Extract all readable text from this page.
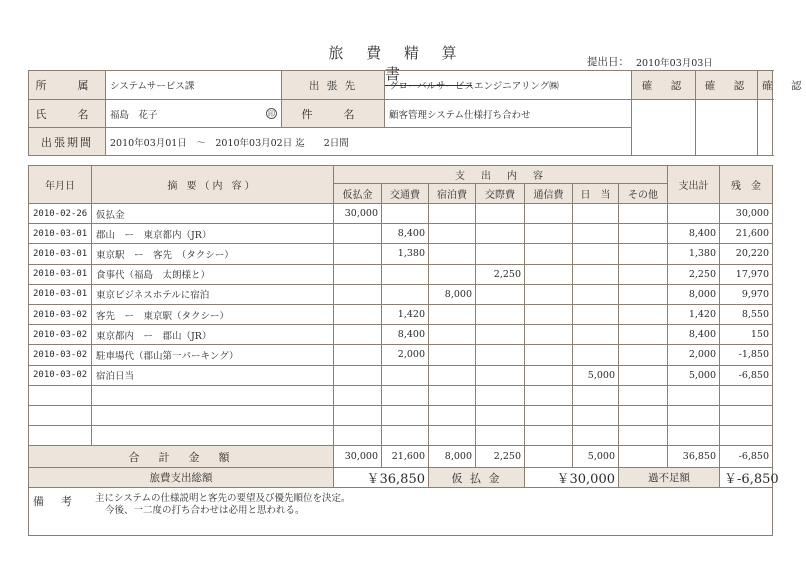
旅 費 精 算 書
提出日： 2010年03月03日
所　属	システムサービス課	出 張 先	グローバルサービスエンジニアリング㈱	確　認	確　認	確　認
氏　名	福島　花子 印	件　名	顧客管理システム仕様打ち合わせ			
出張期間	2010年03月01日　～　2010年03月02日 迄　　2日間					
年月日	摘 要（内 容）	支　出　内　容							支出計	残　金
		仮払金	交通費	宿泊費	交際費	通信費	日　当	その他		
2010-02-26	仮払金	30,000								30,000
2010-03-01	郡山　ー　東京都内（JR）		8,400						8,400	21,600
2010-03-01	東京駅　ー　客先　（タクシー）		1,380						1,380	20,220
2010-03-01	食事代（福島　太朗様と）				2,250				2,250	17,970
2010-03-01	東京ビジネスホテルに宿泊			8,000					8,000	9,970
2010-03-02	客先　ー　東京駅（タクシー）		1,420						1,420	8,550
2010-03-02	東京都内　ー　郡山（JR）		8,400						8,400	150
2010-03-02	駐車場代（郡山第一パーキング）		2,000						2,000	-1,850
2010-03-02	宿泊日当						5,000		5,000	-6,850

合　計　金　額		30,000	21,600	8,000	2,250		5,000		36,850	-6,850
旅費支出総額		￥36,850		仮 払 金		￥30,000		過不足額		￥-6,850

備　考 主にシステムの仕様説明と客先の要望及び優先順位を決定。
今後、一二度の打ち合わせは必用と思われる。										
